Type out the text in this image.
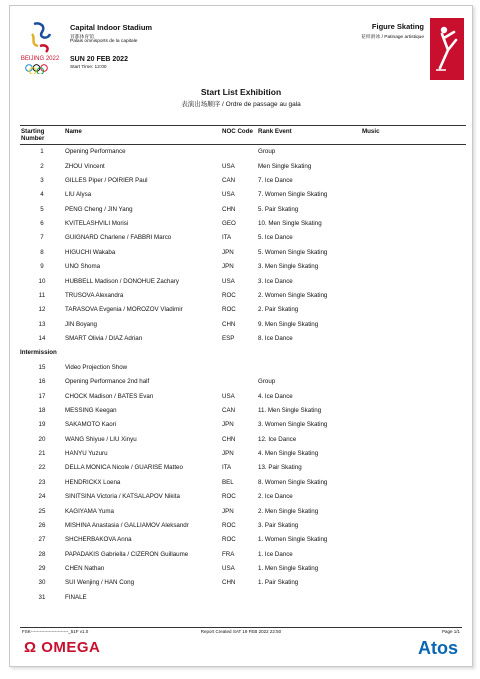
BEIJING 2022
Capital Indoor Stadium
首都体育馆
Palais omnisports de la capitale
SUN 20 FEB 2022
Start Time: 12:00
Figure Skating
花样滑冰 / Patinage artistique
Start List Exhibition
表演出场顺序 / Ordre de passage au gala
Starting Number	Name	NOC Code	Rank Event	Music
1	Opening Performance		Group	
2	ZHOU Vincent	USA	Men Single Skating	
3	GILLES Piper / POIRIER Paul	CAN	7. Ice Dance	
4	LIU Alysa	USA	7. Women Single Skating	
5	PENG Cheng / JIN Yang	CHN	5. Pair Skating	
6	KVITELASHVILI Morisi	GEO	10. Men Single Skating	
7	GUIGNARD Charlene / FABBRI Marco	ITA	5. Ice Dance	
8	HIGUCHI Wakaba	JPN	5. Women Single Skating	
9	UNO Shoma	JPN	3. Men Single Skating	
10	HUBBELL Madison / DONOHUE Zachary	USA	3. Ice Dance	
11	TRUSOVA Alexandra	ROC	2. Women Single Skating	
12	TARASOVA Evgenia / MOROZOV Vladimir	ROC	2. Pair Skating	
13	JIN Boyang	CHN	9. Men Single Skating	
14	SMART Olivia / DIAZ Adrian	ESP	8. Ice Dance	
Intermission				
15	Video Projection Show			
16	Opening Performance 2nd half		Group	
17	CHOCK Madison / BATES Evan	USA	4. Ice Dance	
18	MESSING Keegan	CAN	11. Men Single Skating	
19	SAKAMOTO Kaori	JPN	3. Women Single Skating	
20	WANG Shiyue / LIU Xinyu	CHN	12. Ice Dance	
21	HANYU Yuzuru	JPN	4. Men Single Skating	
22	DELLA MONICA Nicole / GUARISE Matteo	ITA	13. Pair Skating	
23	HENDRICKX Loena	BEL	8. Women Single Skating	
24	SINITSINA Victoria / KATSALAPOV Nikita	ROC	2. Ice Dance	
25	KAGIYAMA Yuma	JPN	2. Men Single Skating	
26	MISHINA Anastasia / GALLIAMOV Aleksandr	ROC	3. Pair Skating	
27	SHCHERBAKOVA Anna	ROC	1. Women Single Skating	
28	PAPADAKIS Gabriella / CIZERON Guillaume	FRA	1. Ice Dance	
29	CHEN Nathan	USA	1. Men Single Skating	
30	SUI Wenjing / HAN Cong	CHN	1. Pair Skating	
31	FINALE			
FSK-------------------------_51F v1.0	Report Created SAT 19 FEB 2022 22:50	Page 1/1
Ω OMEGA	Atos
